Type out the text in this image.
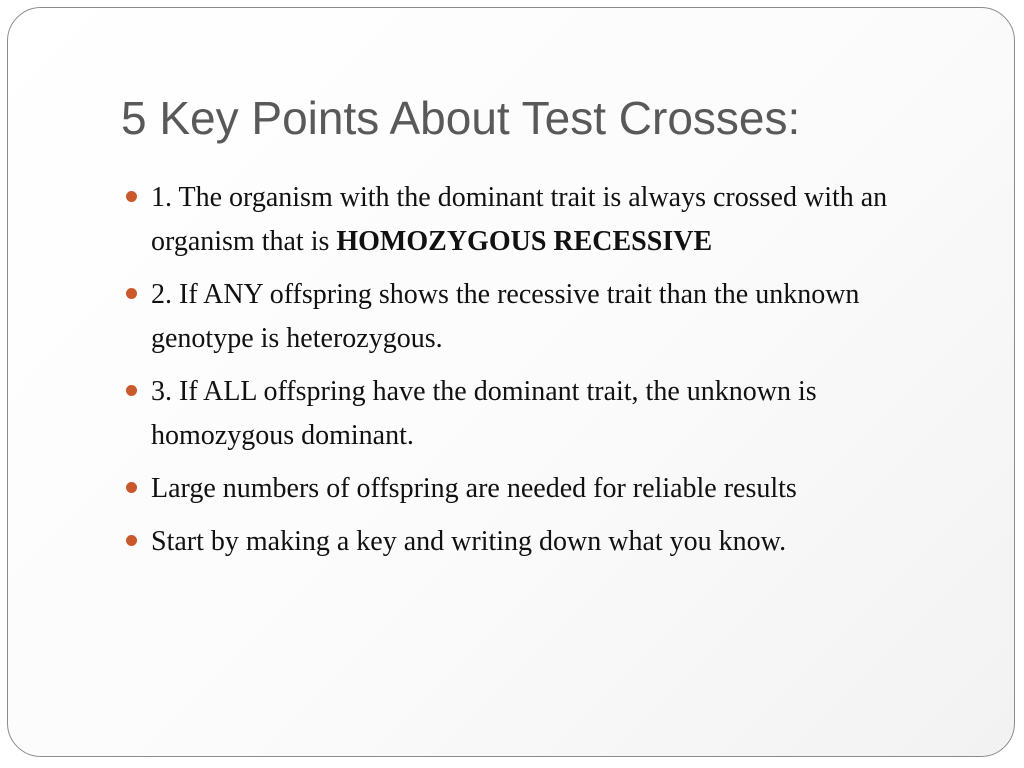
5 Key Points About Test Crosses:
1. The organism with the dominant trait is always crossed with an organism that is HOMOZYGOUS RECESSIVE
2. If ANY offspring shows the recessive trait than the unknown genotype is heterozygous.
3. If ALL offspring have the dominant trait, the unknown is homozygous dominant.
Large numbers of offspring are needed for reliable results
Start by making a key and writing down what you know.
